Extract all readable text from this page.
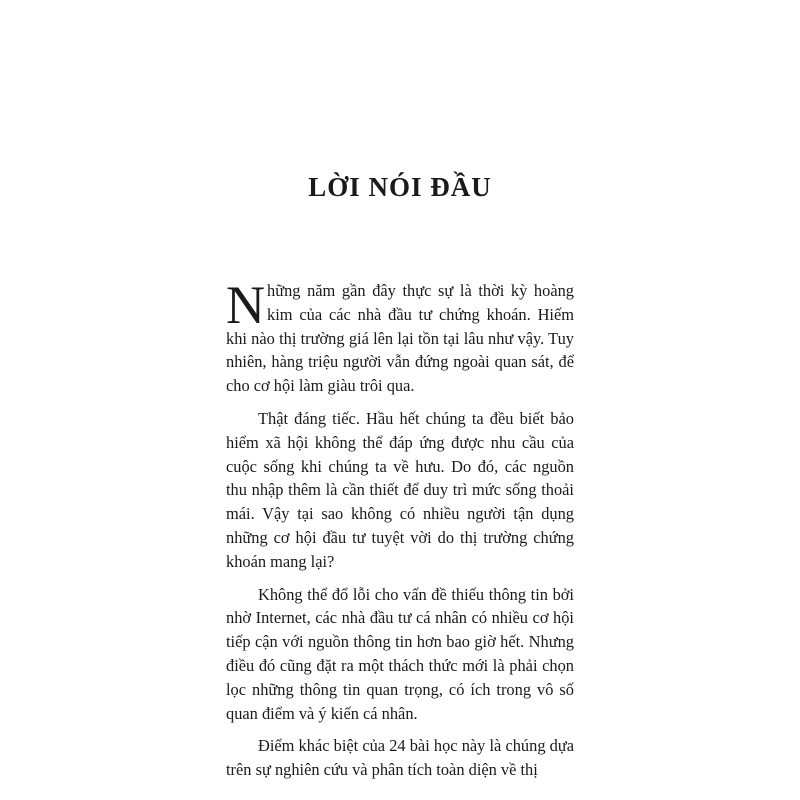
LỜI NÓI ĐẦU

Những năm gần đây thực sự là thời kỳ hoàng kim của các nhà đầu tư chứng khoán. Hiếm khi nào thị trường giá lên lại tồn tại lâu như vậy. Tuy nhiên, hàng triệu người vẫn đứng ngoài quan sát, để cho cơ hội làm giàu trôi qua.

Thật đáng tiếc. Hầu hết chúng ta đều biết bảo hiểm xã hội không thể đáp ứng được nhu cầu của cuộc sống khi chúng ta về hưu. Do đó, các nguồn thu nhập thêm là cần thiết để duy trì mức sống thoải mái. Vậy tại sao không có nhiều người tận dụng những cơ hội đầu tư tuyệt vời do thị trường chứng khoán mang lại?

Không thể đổ lỗi cho vấn đề thiếu thông tin bởi nhờ Internet, các nhà đầu tư cá nhân có nhiều cơ hội tiếp cận với nguồn thông tin hơn bao giờ hết. Nhưng điều đó cũng đặt ra một thách thức mới là phải chọn lọc những thông tin quan trọng, có ích trong vô số quan điểm và ý kiến cá nhân.

Điểm khác biệt của 24 bài học này là chúng dựa trên sự nghiên cứu và phân tích toàn diện về thị
